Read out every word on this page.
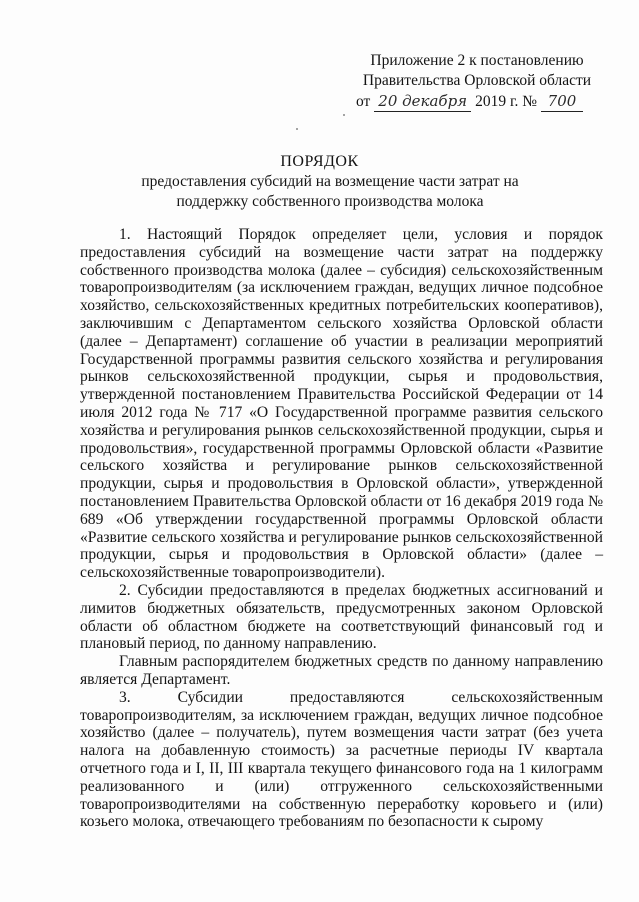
Приложение 2 к постановлению
Правительства Орловской области
от 20 декабря 2019 г. № 700
ПОРЯДОК
предоставления субсидий на возмещение части затрат на поддержку собственного производства молока

1. Настоящий Порядок определяет цели, условия и порядок предоставления субсидий на возмещение части затрат на поддержку собственного производства молока (далее – субсидия) сельскохозяйственным товаропроизводителям (за исключением граждан, ведущих личное подсобное хозяйство, сельскохозяйственных кредитных потребительских кооперативов), заключившим с Департаментом сельского хозяйства Орловской области (далее – Департамент) соглашение об участии в реализации мероприятий Государственной программы развития сельского хозяйства и регулирования рынков сельскохозяйственной продукции, сырья и продовольствия, утвержденной постановлением Правительства Российской Федерации от 14 июля 2012 года № 717 «О Государственной программе развития сельского хозяйства и регулирования рынков сельскохозяйственной продукции, сырья и продовольствия», государственной программы Орловской области «Развитие сельского хозяйства и регулирование рынков сельскохозяйственной продукции, сырья и продовольствия в Орловской области», утвержденной постановлением Правительства Орловской области от 16 декабря 2019 года № 689 «Об утверждении государственной программы Орловской области «Развитие сельского хозяйства и регулирование рынков сельскохозяйственной продукции, сырья и продовольствия в Орловской области» (далее – сельскохозяйственные товаропроизводители).

2. Субсидии предоставляются в пределах бюджетных ассигнований и лимитов бюджетных обязательств, предусмотренных законом Орловской области об областном бюджете на соответствующий финансовый год и плановый период, по данному направлению.

Главным распорядителем бюджетных средств по данному направлению является Департамент.

3. Субсидии предоставляются сельскохозяйственным товаропроизводителям, за исключением граждан, ведущих личное подсобное хозяйство (далее – получатель), путем возмещения части затрат (без учета налога на добавленную стоимость) за расчетные периоды IV квартала отчетного года и I, II, III квартала текущего финансового года на 1 килограмм реализованного и (или) отгруженного сельскохозяйственными товаропроизводителями на собственную переработку коровьего и (или) козьего молока, отвечающего требованиям по безопасности к сырому
